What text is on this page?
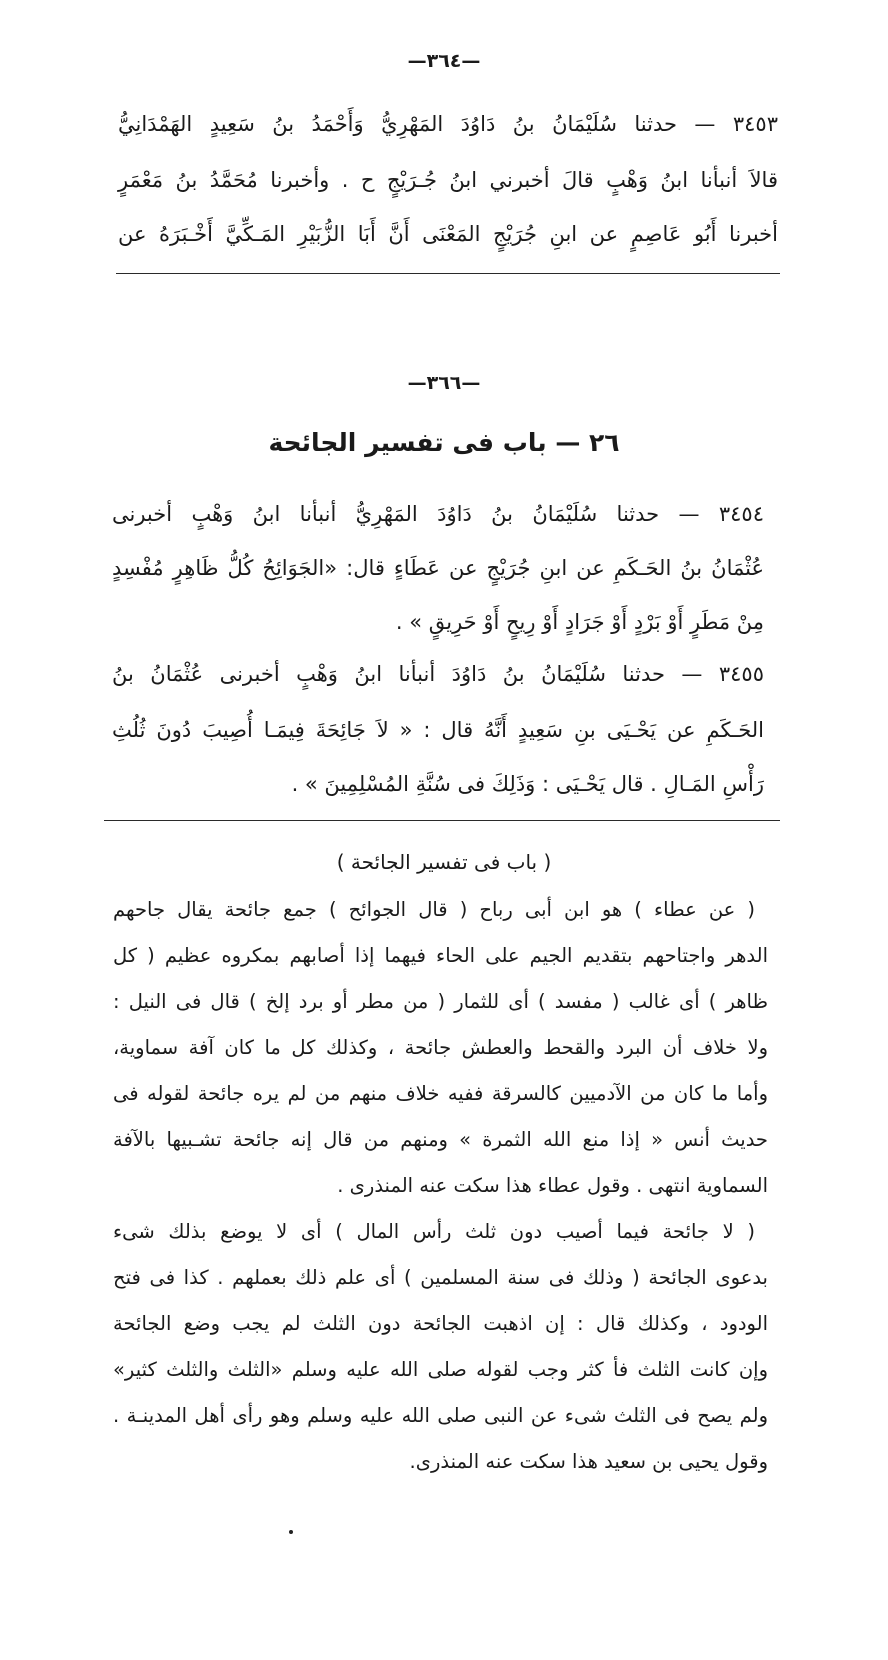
—٣٦٤—
٣٤٥٣ — حدثنا سُلَيْمَانُ بنُ دَاوُدَ المَهْرِيُّ وَأَحْمَدُ بنُ سَعِيدٍ الهَمْدَانِيُّ
قالاَ أنبأنا ابنُ وَهْبٍ قالَ أخبرني ابنُ جُـرَيْجٍ ح . وأخبرنا مُحَمَّدُ بنُ مَعْمَرٍ
أخبرنا أَبُو عَاصِمٍ عن ابنِ جُرَيْجٍ المَعْنَى أَنَّ أَبَا الزُّبَيْرِ المَـكِّيَّ أَخْـبَرَهُ عن
—٣٦٦—
٢٦ — باب فى تفسير الجائحة
٣٤٥٤ — حدثنا سُلَيْمَانُ بنُ دَاوُدَ المَهْرِيُّ أنبأنا ابنُ وَهْبٍ أخبرنى
عُثْمَانُ بنُ الحَـكَمِ عن ابنِ جُرَيْجٍ عن عَطَاءٍ قال: «الجَوَائِحُ كُلُّ ظَاهِرٍ مُفْسِدٍ
مِنْ مَطَرٍ أَوْ بَرْدٍ أَوْ جَرَادٍ أَوْ رِيحٍ أَوْ حَرِيقٍ » .
٣٤٥٥ — حدثنا سُلَيْمَانُ بنُ دَاوُدَ أنبأنا ابنُ وَهْبٍ أخبرنى عُثْمَانُ بنُ
الحَـكَمِ عن يَحْـيَى بنِ سَعِيدٍ أَنَّهُ قال : « لاَ جَائِحَةَ فِيمَـا أُصِيبَ دُونَ ثُلُثِ
رَأْسِ المَـالِ . قال يَحْـيَى : وَذَلِكَ فى سُنَّةِ المُسْلِمِينَ » .
( باب فى تفسير الجائحة )
( عن عطاء ) هو ابن أبى رباح ( قال الجوائح ) جمع جائحة يقال جاحهم
الدهر واجتاحهم بتقديم الجيم على الحاء فيهما إذا أصابهم بمكروه عظيم ( كل
ظاهر ) أى غالب ( مفسد ) أى للثمار ( من مطر أو برد إلخ ) قال فى النيل :
ولا خلاف أن البرد والقحط والعطش جائحة ، وكذلك كل ما كان آفة سماوية،
وأما ما كان من الآدميين كالسرقة ففيه خلاف منهم من لم يره جائحة لقوله فى
حديث أنس « إذا منع الله الثمرة » ومنهم من قال إنه جائحة تشـبيها بالآفة
السماوية انتهى . وقول عطاء هذا سكت عنه المنذرى .
( لا جائحة فيما أصيب دون ثلث رأس المال ) أى لا يوضع بذلك شىء
بدعوى الجائحة ( وذلك فى سنة المسلمين ) أى علم ذلك بعملهم . كذا فى فتح
الودود ، وكذلك قال : إن اذهبت الجائحة دون الثلث لم يجب وضع الجائحة
وإن كانت الثلث فأ كثر وجب لقوله صلى الله عليه وسلم «الثلث والثلث كثير»
ولم يصح فى الثلث شىء عن النبى صلى الله عليه وسلم وهو رأى أهل المدينـة .
وقول يحيى بن سعيد هذا سكت عنه المنذرى.
